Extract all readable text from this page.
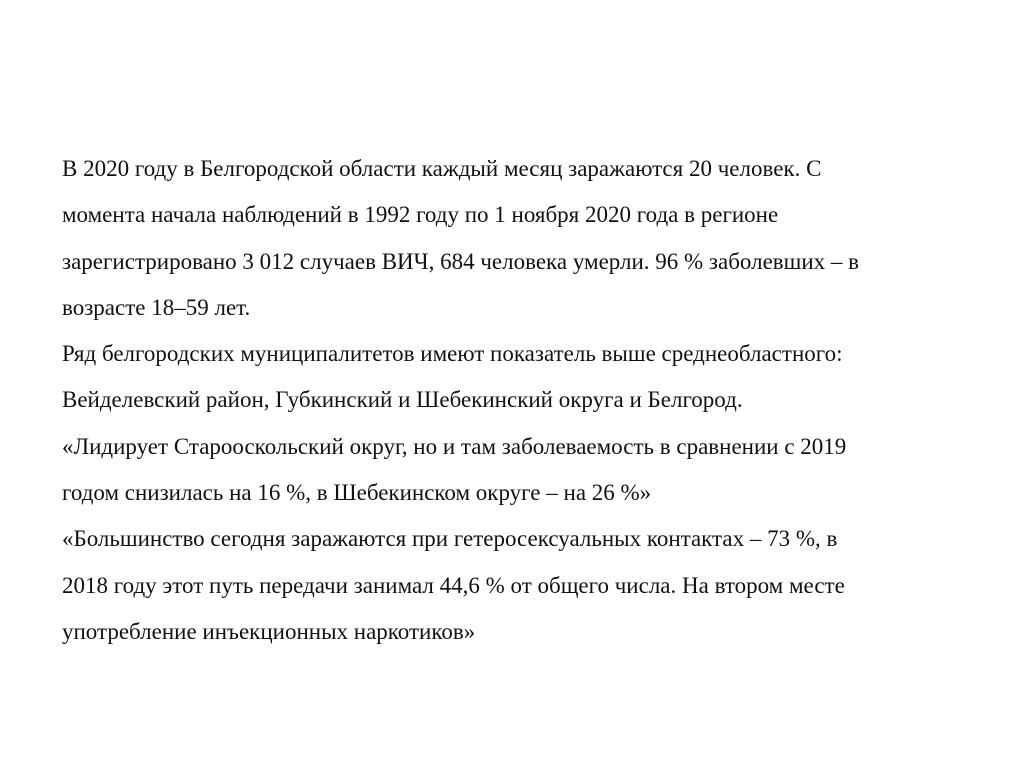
В 2020 году в Белгородской области каждый месяц заражаются 20 человек. С
момента начала наблюдений в 1992 году по 1 ноября 2020 года в регионе
зарегистрировано 3 012 случаев ВИЧ, 684 человека умерли. 96 % заболевших – в
возрасте 18–59 лет.
Ряд белгородских муниципалитетов имеют показатель выше среднеобластного:
Вейделевский район, Губкинский и Шебекинский округа и Белгород.
«Лидирует Старооскольский округ, но и там заболеваемость в сравнении с 2019
годом снизилась на 16 %, в Шебекинском округе – на 26 %»
«Большинство сегодня заражаются при гетеросексуальных контактах – 73 %, в
2018 году этот путь передачи занимал 44,6 % от общего числа. На втором месте
употребление инъекционных наркотиков»
